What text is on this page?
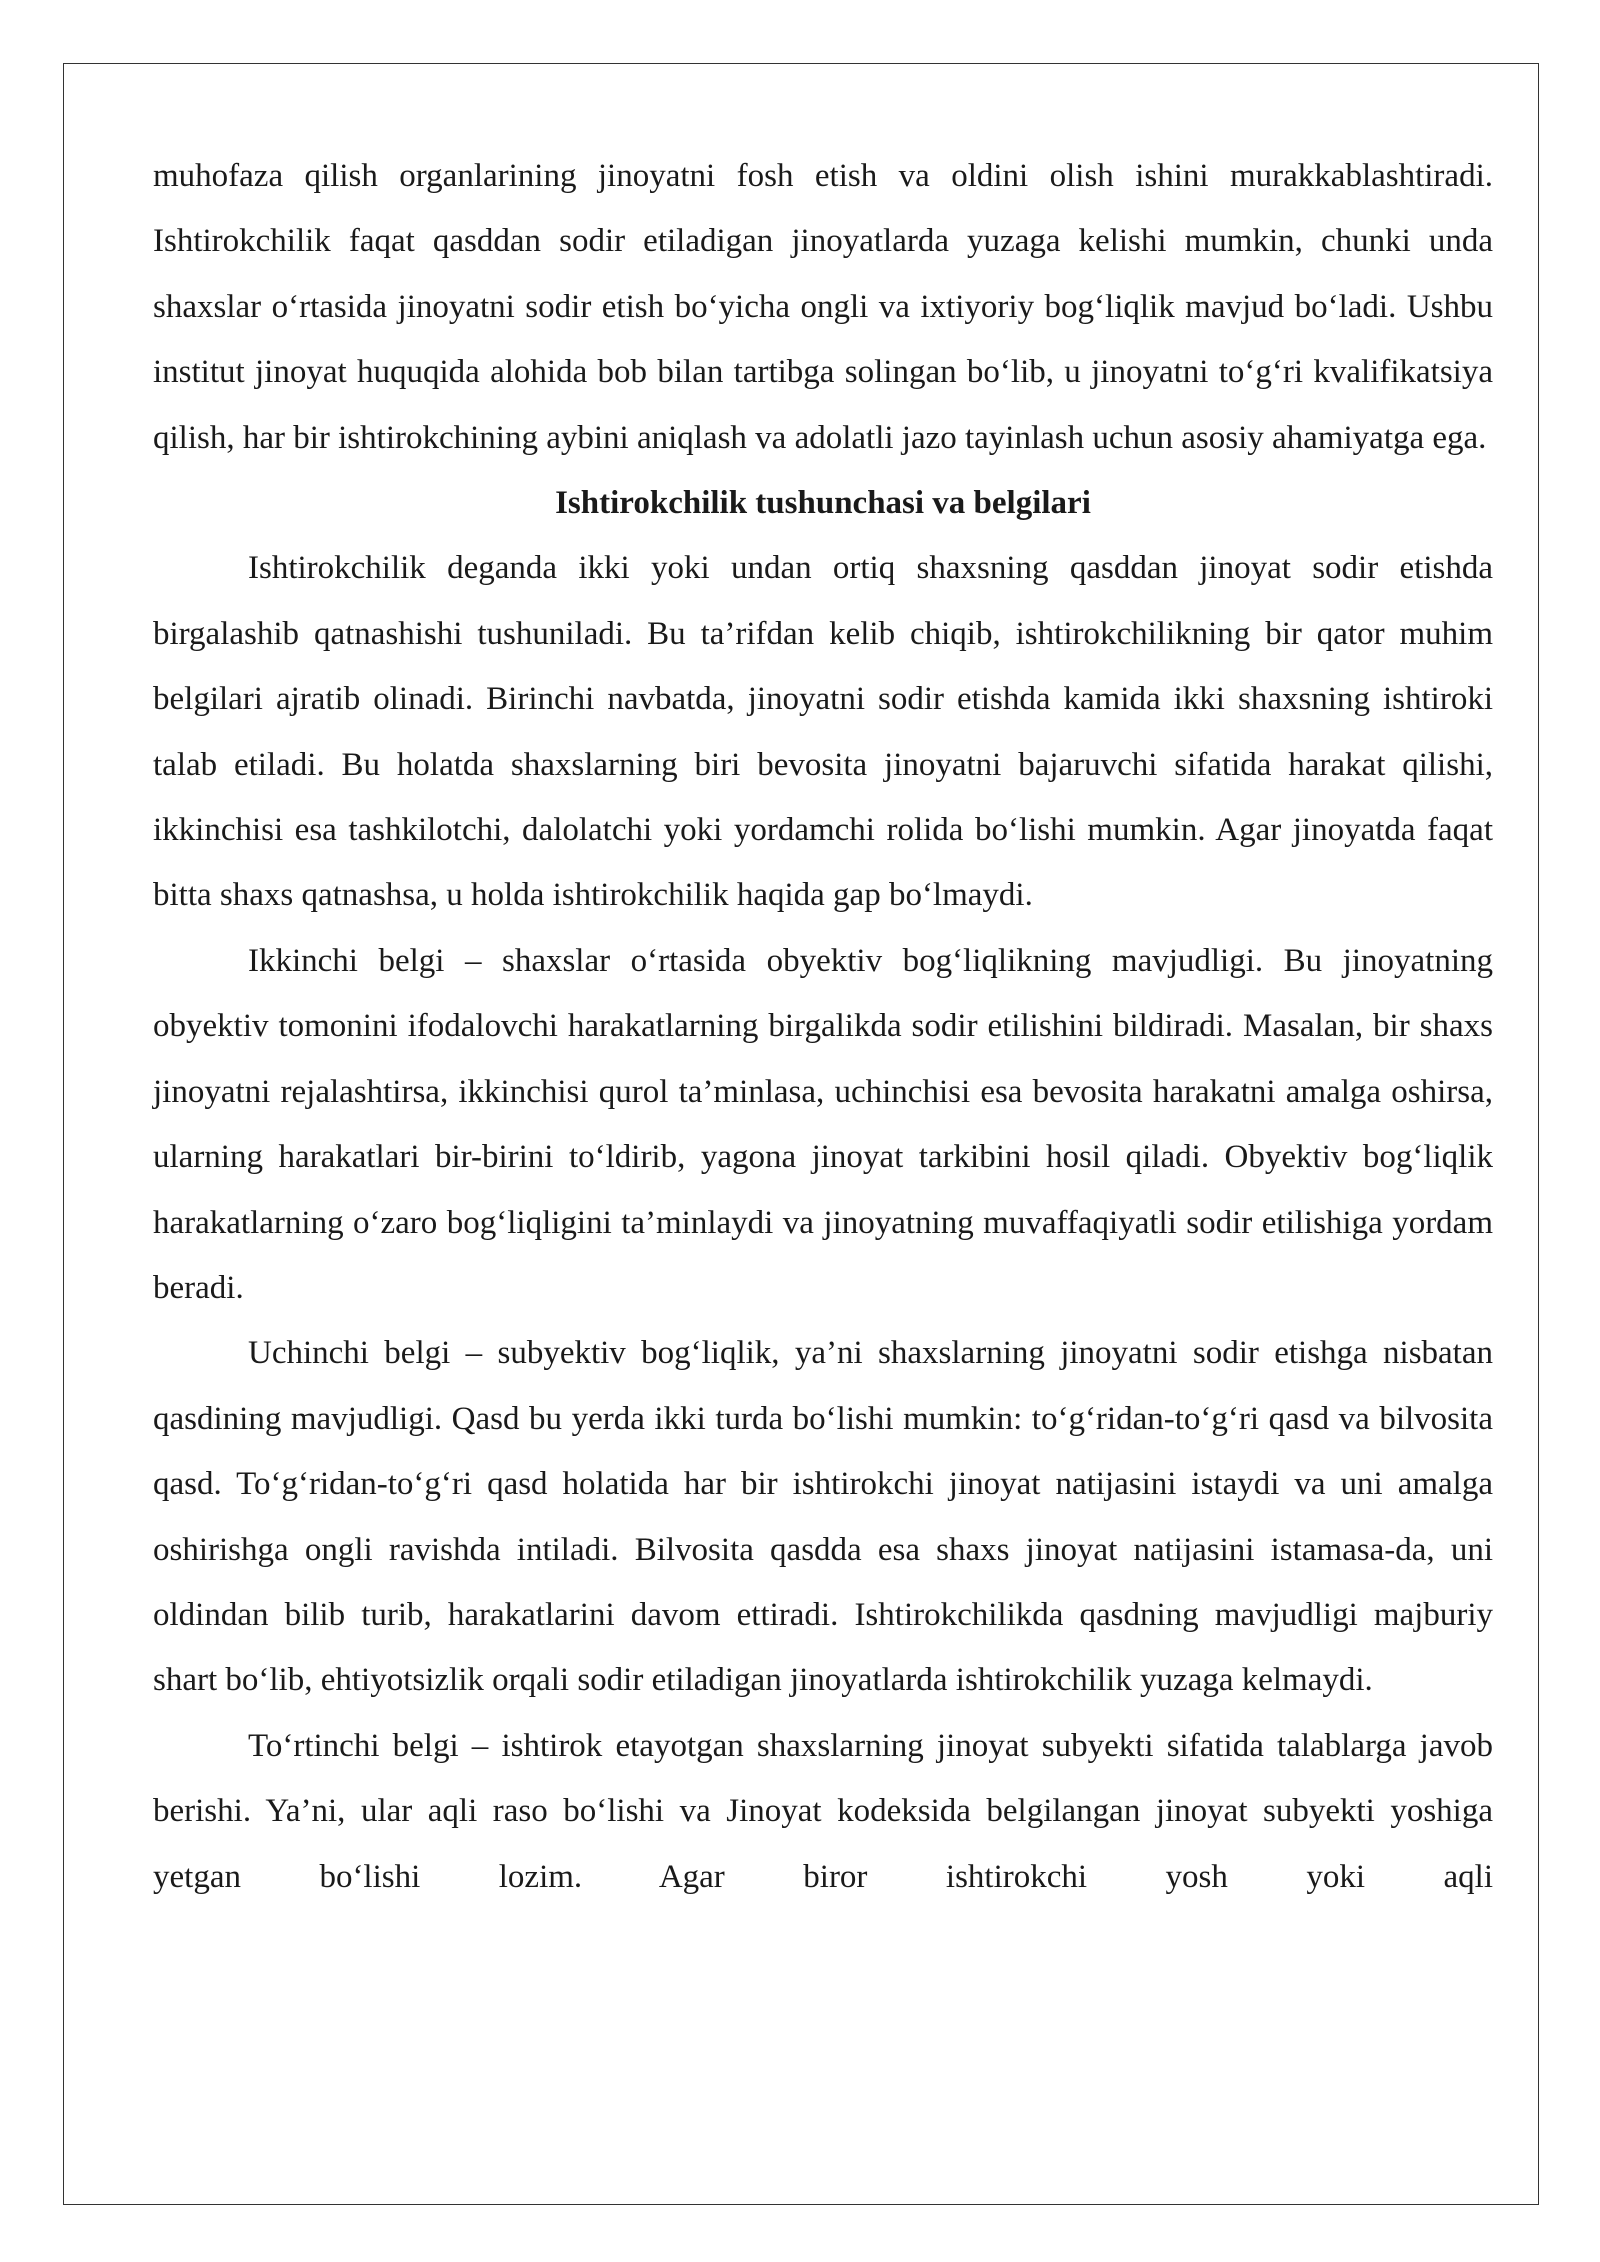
muhofaza qilish organlarining jinoyatni fosh etish va oldini olish ishini murakkablashtiradi. Ishtirokchilik faqat qasddan sodir etiladigan jinoyatlarda yuzaga kelishi mumkin, chunki unda shaxslar o‘rtasida jinoyatni sodir etish bo‘yicha ongli va ixtiyoriy bog‘liqlik mavjud bo‘ladi. Ushbu institut jinoyat huquqida alohida bob bilan tartibga solingan bo‘lib, u jinoyatni to‘g‘ri kvalifikatsiya qilish, har bir ishtirokchining aybini aniqlash va adolatli jazo tayinlash uchun asosiy ahamiyatga ega.

Ishtirokchilik tushunchasi va belgilari

Ishtirokchilik deganda ikki yoki undan ortiq shaxsning qasddan jinoyat sodir etishda birgalashib qatnashishi tushuniladi. Bu ta’rifdan kelib chiqib, ishtirokchilikning bir qator muhim belgilari ajratib olinadi. Birinchi navbatda, jinoyatni sodir etishda kamida ikki shaxsning ishtiroki talab etiladi. Bu holatda shaxslarning biri bevosita jinoyatni bajaruvchi sifatida harakat qilishi, ikkinchisi esa tashkilotchi, dalolatchi yoki yordamchi rolida bo‘lishi mumkin. Agar jinoyatda faqat bitta shaxs qatnashsa, u holda ishtirokchilik haqida gap bo‘lmaydi.

Ikkinchi belgi – shaxslar o‘rtasida obyektiv bog‘liqlikning mavjudligi. Bu jinoyatning obyektiv tomonini ifodalovchi harakatlarning birgalikda sodir etilishini bildiradi. Masalan, bir shaxs jinoyatni rejalashtirsa, ikkinchisi qurol ta’minlasa, uchinchisi esa bevosita harakatni amalga oshirsa, ularning harakatlari bir-birini to‘ldirib, yagona jinoyat tarkibini hosil qiladi. Obyektiv bog‘liqlik harakatlarning o‘zaro bog‘liqligini ta’minlaydi va jinoyatning muvaffaqiyatli sodir etilishiga yordam beradi.

Uchinchi belgi – subyektiv bog‘liqlik, ya’ni shaxslarning jinoyatni sodir etishga nisbatan qasdining mavjudligi. Qasd bu yerda ikki turda bo‘lishi mumkin: to‘g‘ridan-to‘g‘ri qasd va bilvosita qasd. To‘g‘ridan-to‘g‘ri qasd holatida har bir ishtirokchi jinoyat natijasini istaydi va uni amalga oshirishga ongli ravishda intiladi. Bilvosita qasdda esa shaxs jinoyat natijasini istamasa-da, uni oldindan bilib turib, harakatlarini davom ettiradi. Ishtirokchilikda qasdning mavjudligi majburiy shart bo‘lib, ehtiyotsizlik orqali sodir etiladigan jinoyatlarda ishtirokchilik yuzaga kelmaydi.

To‘rtinchi belgi – ishtirok etayotgan shaxslarning jinoyat subyekti sifatida talablarga javob berishi. Ya’ni, ular aqli raso bo‘lishi va Jinoyat kodeksida belgilangan jinoyat subyekti yoshiga yetgan bo‘lishi lozim. Agar biror ishtirokchi yosh yoki aqli
